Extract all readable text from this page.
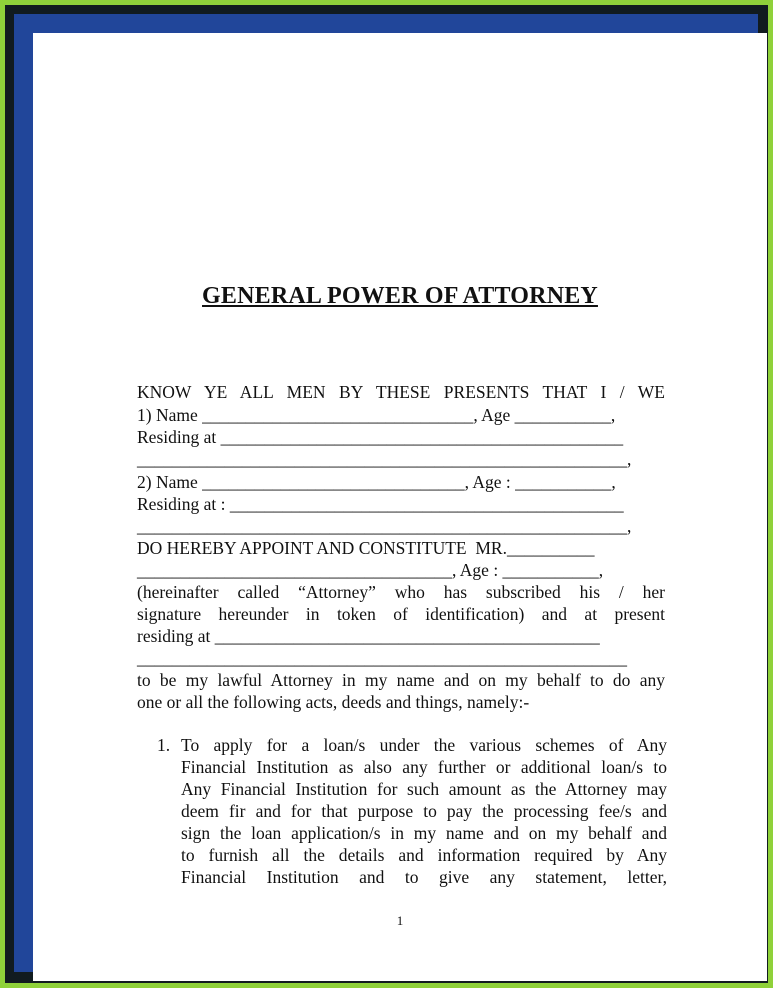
GENERAL POWER OF ATTORNEY
KNOW YE ALL MEN BY THESE PRESENTS THAT I / WE
1) Name _______________________________, Age ___________,
Residing at ______________________________________________
________________________________________________________,
2) Name ______________________________, Age : ___________,
Residing at : _____________________________________________
________________________________________________________,
DO HEREBY APPOINT AND CONSTITUTE  MR.__________
____________________________________, Age : ___________,
(hereinafter called “Attorney” who has subscribed his / her
signature hereunder in token of identification) and at present
residing at ____________________________________________
________________________________________________________
to be my lawful Attorney in my name and on my behalf to do any
one or all the following acts, deeds and things, namely:-
1. To apply for a loan/s under the various schemes of Any
Financial Institution as also any further or additional loan/s to
Any Financial Institution for such amount as the Attorney may
deem fir and for that purpose to pay the processing fee/s and
sign the loan application/s in my name and on my behalf and
to furnish all the details and information required by Any
Financial Institution and to give any statement, letter,
1
